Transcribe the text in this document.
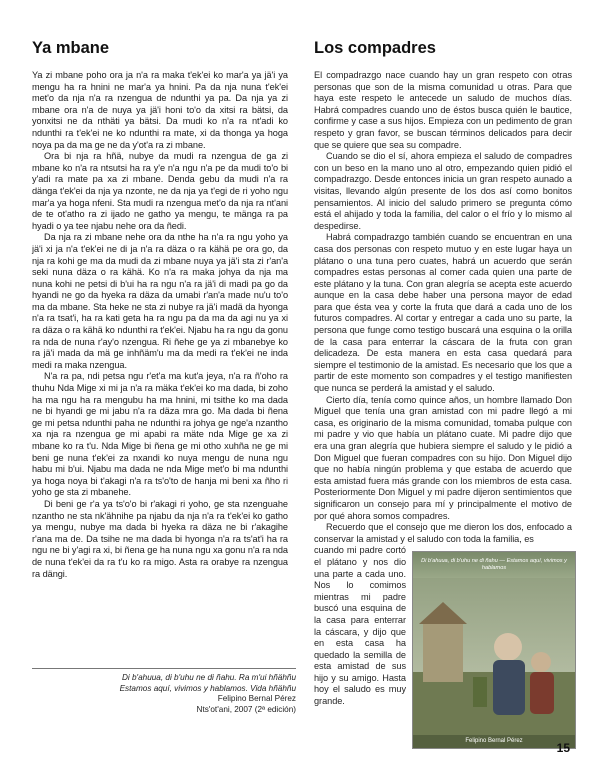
Ya mbane

Ya zi mbane poho ora ja n'a ra maka t'ek'ei ko mar'a ya jä'i ya mengu ha ra hnini ne mar'a ya hnini. Pa da nja nuna t'ek'ei met'o da nja n'a ra nzengua de ndunthi ya pa. Da nja ya zi mbane ora n'a de nuya ya jä'i honi to'o da xitsi ra bätsi, da yonxitsi ne da nthäti ya bätsi. Da mudi ko n'a ra nt'adi ko ndunthi ra t'ek'ei ne ko ndunthi ra mate, xi da thonga ya hoga noya pa da ma ge ne da y'ot'a ra zi mbane.

Ora bi nja ra hñä, nubye da mudi ra nzengua de ga zi mbane ko n'a ra ntsutsi ha ra y'e n'a ngu n'a pe da mudi to'o bi y'adi ra mate pa xa zi mbane. Denda gebu da mudi n'a ra dänga t'ek'ei da nja ya nzonte, ne da nja ya t'egi de ri yoho ngu mar'a ya hoga nfeni. Sta mudi ra nzengua met'o da nja ra nt'ani de te ot'atho ra zi ijado ne gatho ya mengu, te mänga ra pa hyadi o ya tee njabu nehe ora da ñedi.

Da nja ra zi mbane nehe ora da nthe ha n'a ra ngu yoho ya jä'i xi ja n'a t'ek'ei ne di ja n'a ra däza o ra kähä pe ora go, da nja ra kohi ge ma da mudi da zi mbane nuya ya jä'i sta zi r'an'a seki nuna däza o ra kähä. Ko n'a ra maka johya da nja ma nuna kohi ne petsi di b'ui ha ra ngu n'a ra jä'i di madi pa go da hyandi ne go da hyeka ra däza da umabi r'an'a made nu'u to'o ma da mbane. Sta heke ne sta zi nubye ra jä'i madä da hyonga n'a ra tsat'i, ha ra kati geta ha ra ngu pa da ma da agi nu ya xi ra däza o ra kähä ko ndunthi ra t'ek'ei. Njabu ha ra ngu da gonu ra nda de nuna r'ay'o nzengua. Ri ñehe ge ya zi mbanebye ko ra jä'i mada da mä ge inhñäm'u ma da medi ra t'ek'ei ne inda medi ra maka nzengua.

N'a ra pa, ndi petsa ngu r'et'a ma kut'a jeya, n'a ra ñ'oho ra thuhu Nda Mige xi mi ja n'a ra mäka t'ek'ei ko ma dada, bi zoho ha ma ngu ha ra mengubu ha ma hnini, mi tsithe ko ma dada ne bi hyandi ge mi jabu n'a ra däza mra go. Ma dada bi ñena ge mi petsa ndunthi paha ne ndunthi ra johya ge nge'a nzantho xa nja ra nzengua ge mi apabi ra mäte nda Mige ge xa zi mbane ko ra t'u. Nda Mige bi ñena ge mi otho xuhña ne ge mi beni ge nuna t'ek'ei za nxandi ko nuya mengu de nuna ngu habu mi b'ui. Njabu ma dada ne nda Mige met'o bi ma ndunthi ya hoga noya bi t'akagi n'a ra ts'o'to de hanja mi beni xa ñho ri yoho ge sta zi mbanehe.

Di beni ge r'a ya ts'o'o bi r'akagi ri yoho, ge sta nzenguahe nzantho ne sta nk'ähnihe pa njabu da nja n'a ra t'ek'ei ko gatho ya mengu, nubye ma dada bi hyeka ra däza ne bi r'akagihe r'ana ma de. Da tsihe ne ma dada bi hyonga n'a ra ts'at'i ha ra ngu ne bi y'agi ra xi, bi ñena ge ha nuna ngu xa gonu n'a ra nda de nuna t'ek'ei da ra t'u ko ra migo. Asta ra orabye ra nzengua ra dängi.

Di b'ahuua, di b'uhu ne di ñahu. Ra m'ui hñähñu
Estamos aquí, vivimos y hablamos. Vida hñähñu
Felipino Bernal Pérez
Nts'ot'ani, 2007 (2ª edición)
Los compadres

El compadrazgo nace cuando hay un gran respeto con otras personas que son de la misma comunidad u otras. Para que haya este respeto le antecede un saludo de muchos días. Habrá compadres cuando uno de éstos busca quién le bautice, confirme y case a sus hijos. Empieza con un pedimento de gran respeto y gran favor, se buscan términos delicados para decir que se quiere que sea su compadre.

Cuando se dio el sí, ahora empieza el saludo de compadres con un beso en la mano uno al otro, empezando quien pidió el compadrazgo. Desde entonces inicia un gran respeto aunado a visitas, llevando algún presente de los dos así como bonitos pensamientos. Al inicio del saludo primero se pregunta cómo está el ahijado y toda la familia, del calor o el frío y lo mismo al despedirse.

Habrá compadrazgo también cuando se encuentran en una casa dos personas con respeto mutuo y en este lugar haya un plátano o una tuna pero cuates, habrá un acuerdo que serán compadres estas personas al comer cada quien una parte de este plátano y la tuna. Con gran alegría se acepta este acuerdo aunque en la casa debe haber una persona mayor de edad para que ésta vea y corte la fruta que dará a cada uno de los futuros compadres. Al cortar y entregar a cada uno su parte, la persona que funge como testigo buscará una esquina o la orilla de la casa para enterrar la cáscara de la fruta con gran delicadeza. De esta manera en esta casa quedará para siempre el testimonio de la amistad. Es necesario que los que a partir de este momento son compadres y el testigo manifiesten que nunca se perderá la amistad y el saludo.

Cierto día, tenía como quince años, un hombre llamado Don Miguel que tenía una gran amistad con mi padre llegó a mi casa, es originario de la misma comunidad, tomaba pulque con mi padre y vio que había un plátano cuate. Mi padre dijo que era una gran alegría que hubiera siempre el saludo y le pidió a Don Miguel que fueran compadres con su hijo. Don Miguel dijo que no había ningún problema y que estaba de acuerdo que esta amistad fuera más grande con los miembros de esta casa. Posteriormente Don Miguel y mi padre dijeron sentimientos que significaron un consejo para mí y principalmente el motivo de por qué ahora somos compadres.

Recuerdo que el consejo que me dieron los dos, enfocado a conservar la amistad y el saludo con toda la familia, es

cuando mi padre cortó el plátano y nos dio una parte a cada uno. Nos lo comimos mientras mi padre buscó una esquina de la casa para enterrar la cáscara, y dijo que en esta casa ha quedado la semilla de esta amistad de sus hijo y su amigo. Hasta hoy el saludo es muy grande.

Di b'ahuua, di b'uhu ne di ñahu — Estamos aquí, vivimos y hablamos
Felipino Bernal Pérez	15
